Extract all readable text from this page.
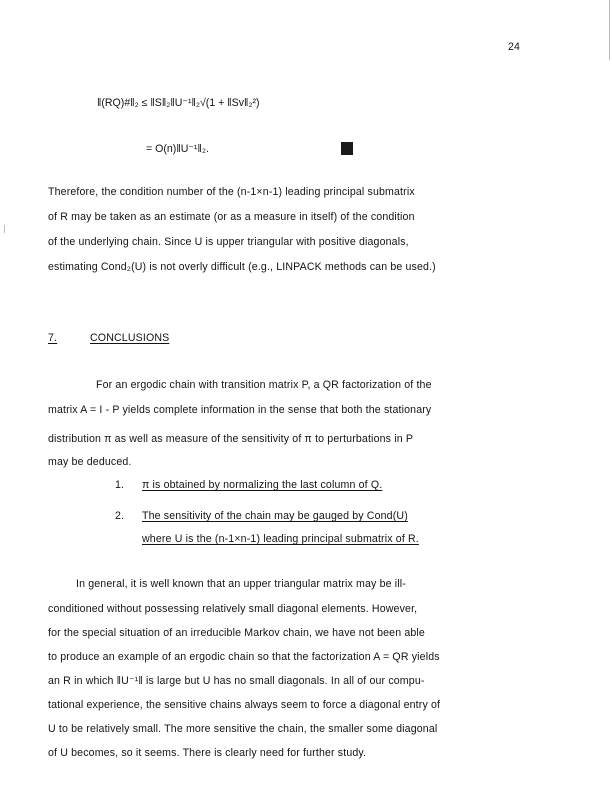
24
‖(RQ)#‖₂ ≤ ‖S‖₂‖U⁻¹‖₂√(1 + ‖Sv‖₂²)
= O(n)‖U⁻¹‖₂.
Therefore, the condition number of the (n-1×n-1) leading principal submatrix
of R may be taken as an estimate (or as a measure in itself) of the condition
of the underlying chain. Since U is upper triangular with positive diagonals,
estimating Cond₂(U) is not overly difficult (e.g., LINPACK methods can be used.)
7.	CONCLUSIONS
For an ergodic chain with transition matrix P, a QR factorization of the
matrix A = I - P yields complete information in the sense that both the stationary
distribution π as well as measure of the sensitivity of π to perturbations in P
may be deduced.
1. π is obtained by normalizing the last column of Q.
2. The sensitivity of the chain may be gauged by Cond(U)
where U is the (n-1×n-1) leading principal submatrix of R.
In general, it is well known that an upper triangular matrix may be ill-
conditioned without possessing relatively small diagonal elements. However,
for the special situation of an irreducible Markov chain, we have not been able
to produce an example of an ergodic chain so that the factorization A = QR yields
an R in which ‖U⁻¹‖ is large but U has no small diagonals. In all of our compu-
tational experience, the sensitive chains always seem to force a diagonal entry of
U to be relatively small. The more sensitive the chain, the smaller some diagonal
of U becomes, so it seems. There is clearly need for further study.
